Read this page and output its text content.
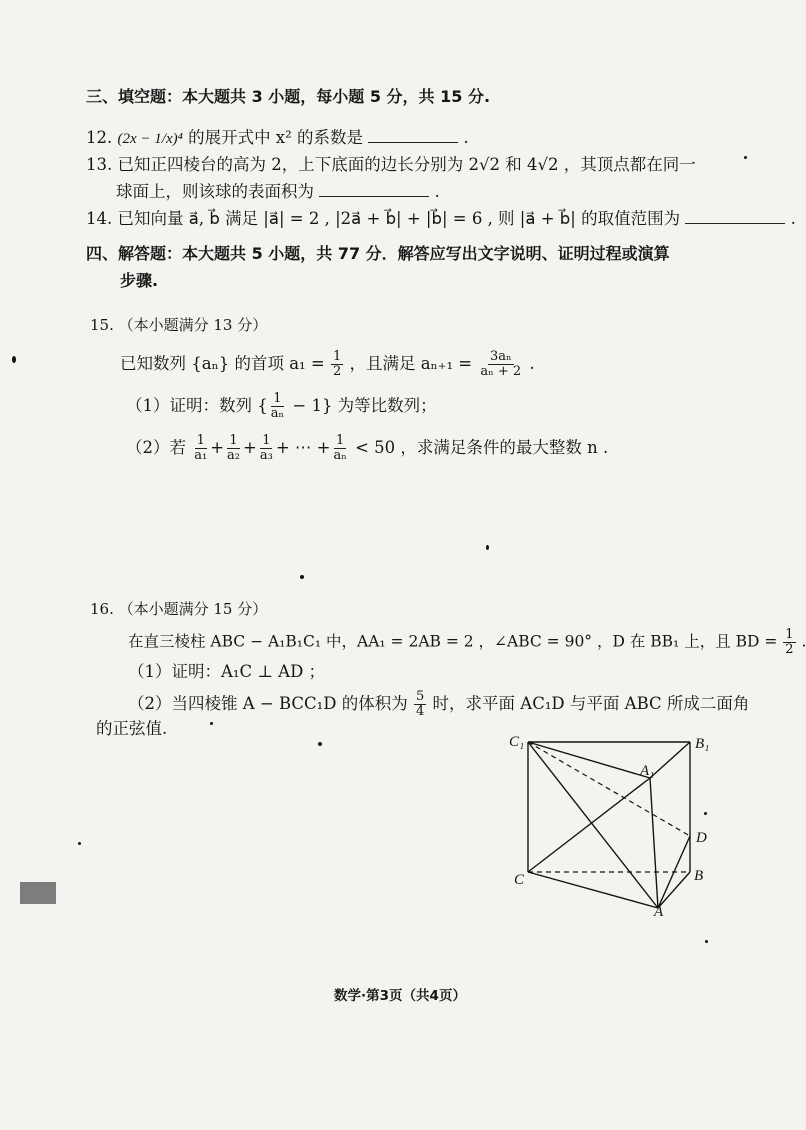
三、填空题：本大题共 3 小题，每小题 5 分，共 15 分.
12. (2x − 1/x)⁴ 的展开式中 x² 的系数是	.
13. 已知正四棱台的高为 2，上下底面的边长分别为 2√2 和 4√2 ，其顶点都在同一
球面上，则该球的表面积为	.
14. 已知向量 a⃗, b⃗ 满足 |a⃗| = 2 , |2a⃗ + b⃗| + |b⃗| = 6 , 则 |a⃗ + b⃗| 的取值范围为	.
四、解答题：本大题共 5 小题，共 77 分．解答应写出文字说明、证明过程或演算
步骤.
15. （本小题满分 13 分）
已知数列 {aₙ} 的首项 $a_1 = \frac{1}{2}$ ，且满足 $a_{n+1} = \frac{\text{3aₙ}}{\text{aₙ + 2}}$ .
（1）证明：数列 { $\frac{1}{\text{aₙ}} - 1$} 为等比数列；
（2）若 $\frac{1}{\text{a₁}} + \frac{1}{\text{a₂}} + \frac{1}{\text{a₃}}$ + ⋯ + $\frac{1}{\text{aₙ}} < 50$ ，求满足条件的最大整数 n .
16. （本小题满分 15 分）
在直三棱柱 ABC − A₁B₁C₁ 中，AA₁ = 2AB = 2 ，∠ABC = 90° ，D 在 BB₁ 上，且 BD = $\frac{1}{2}$ .
（1）证明：A₁C ⊥ AD ；
（2）当四棱锥 A − BCC₁D 的体积为 $\frac{5}{4}$ 时，求平面 AC₁D 与平面 ABC 所成二面角
的正弦值.
C₁	B₁
A₁
D
C	B
A
数学·第3页（共4页）
